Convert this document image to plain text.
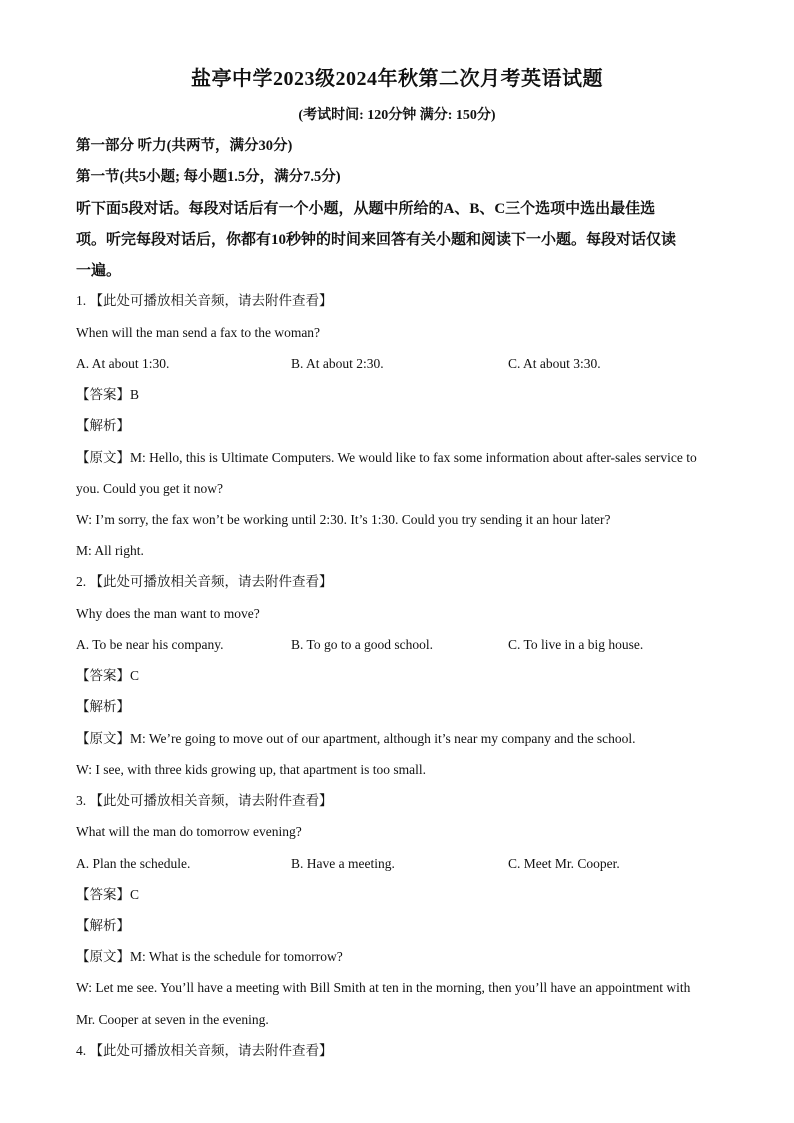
盐亭中学2023级2024年秋第二次月考英语试题
(考试时间: 120分钟 满分: 150分)
第一部分 听力(共两节，满分30分)
第一节(共5小题; 每小题1.5分，满分7.5分)
听下面5段对话。每段对话后有一个小题，从题中所给的A、B、C三个选项中选出最佳选
项。听完每段对话后，你都有10秒钟的时间来回答有关小题和阅读下一小题。每段对话仅读
一遍。
1. 【此处可播放相关音频，请去附件查看】
When will the man send a fax to the woman?
A. At about 1:30.	B. At about 2:30.	C. At about 3:30.
【答案】B
【解析】
【原文】M: Hello, this is Ultimate Computers. We would like to fax some information about after-sales service to
you. Could you get it now?
W: I’m sorry, the fax won’t be working until 2:30. It’s 1:30. Could you try sending it an hour later?
M: All right.
2. 【此处可播放相关音频，请去附件查看】
Why does the man want to move?
A. To be near his company.	B. To go to a good school.	C. To live in a big house.
【答案】C
【解析】
【原文】M: We’re going to move out of our apartment, although it’s near my company and the school.
W: I see, with three kids growing up, that apartment is too small.
3. 【此处可播放相关音频，请去附件查看】
What will the man do tomorrow evening?
A. Plan the schedule.	B. Have a meeting.	C. Meet Mr. Cooper.
【答案】C
【解析】
【原文】M: What is the schedule for tomorrow?
W: Let me see. You’ll have a meeting with Bill Smith at ten in the morning, then you’ll have an appointment with
Mr. Cooper at seven in the evening.
4. 【此处可播放相关音频，请去附件查看】
